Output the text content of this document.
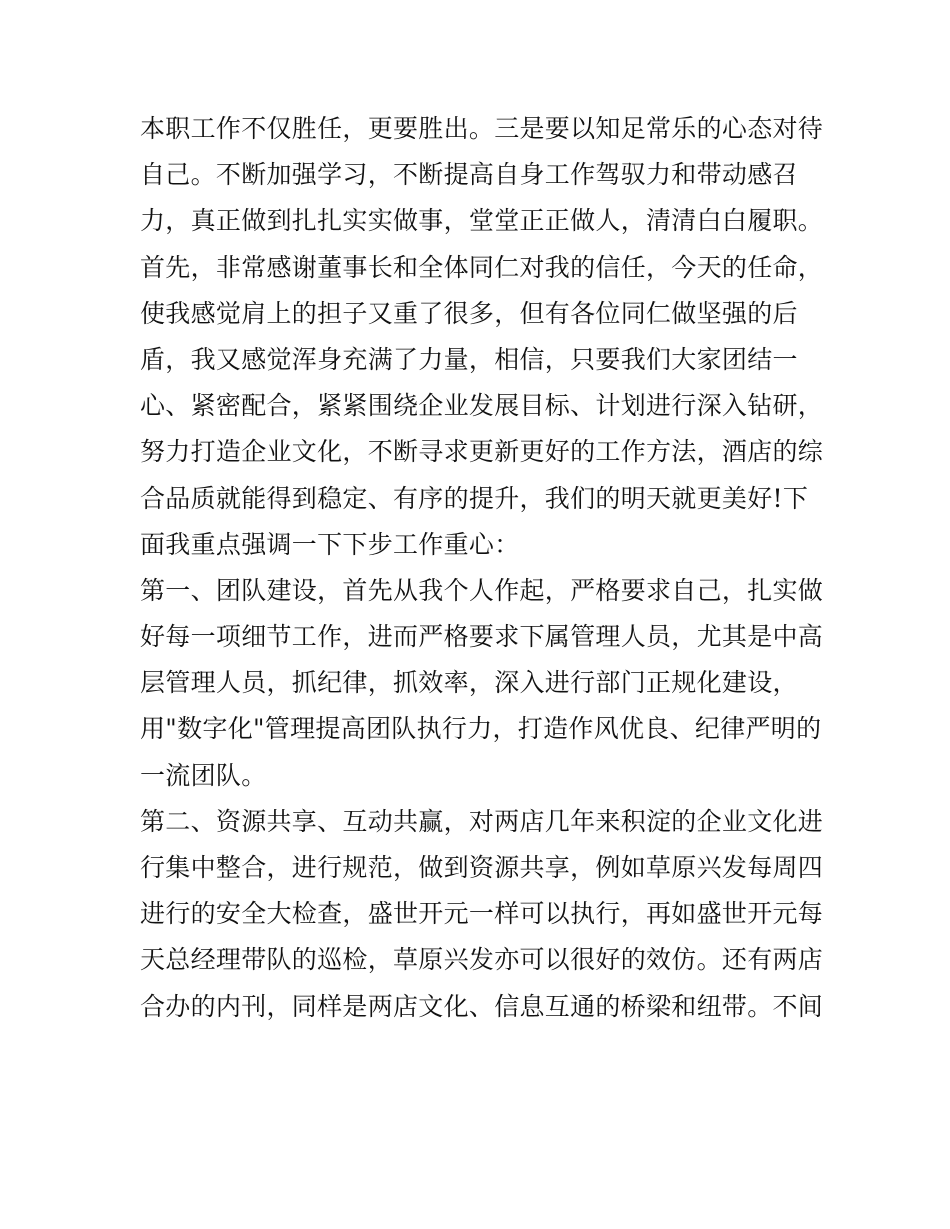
本职工作不仅胜任，更要胜出。三是要以知足常乐的心态对待
自己。不断加强学习，不断提高自身工作驾驭力和带动感召
力，真正做到扎扎实实做事，堂堂正正做人，清清白白履职。
首先，非常感谢董事长和全体同仁对我的信任，今天的任命，
使我感觉肩上的担子又重了很多，但有各位同仁做坚强的后
盾，我又感觉浑身充满了力量，相信，只要我们大家团结一
心、紧密配合，紧紧围绕企业发展目标、计划进行深入钻研，
努力打造企业文化，不断寻求更新更好的工作方法，酒店的综
合品质就能得到稳定、有序的提升，我们的明天就更美好!下
面我重点强调一下下步工作重心：
第一、团队建设，首先从我个人作起，严格要求自己，扎实做
好每一项细节工作，进而严格要求下属管理人员，尤其是中高
层管理人员，抓纪律，抓效率，深入进行部门正规化建设，
用"数字化"管理提高团队执行力，打造作风优良、纪律严明的
一流团队。
第二、资源共享、互动共赢，对两店几年来积淀的企业文化进
行集中整合，进行规范，做到资源共享，例如草原兴发每周四
进行的安全大检查，盛世开元一样可以执行，再如盛世开元每
天总经理带队的巡检，草原兴发亦可以很好的效仿。还有两店
合办的内刊，同样是两店文化、信息互通的桥梁和纽带。不间
